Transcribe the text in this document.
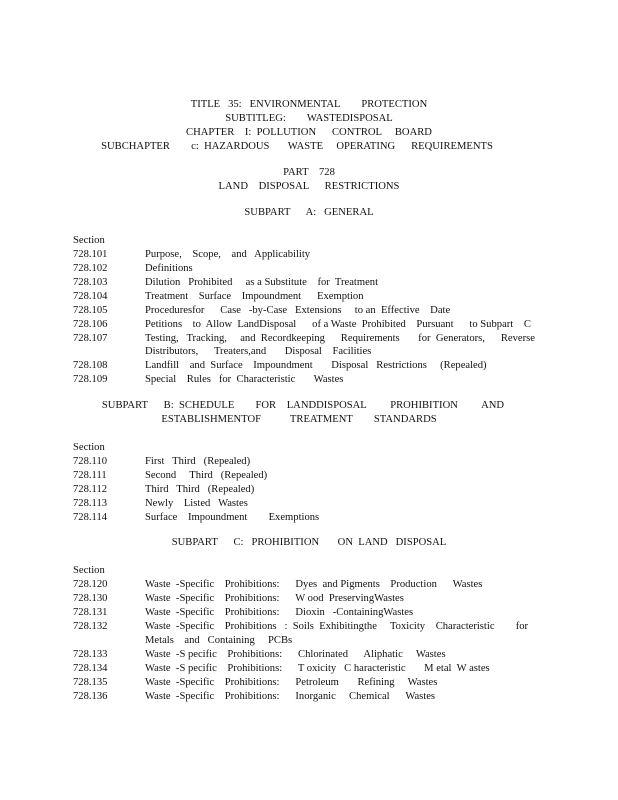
TITLE   35:   ENVIRONMENTAL        PROTECTION
SUBTITLEG:        WASTEDISPOSAL
CHAPTER    I:  POLLUTION      CONTROL     BOARD
SUBCHAPTER        c:  HAZARDOUS       WASTE     OPERATING      REQUIREMENTS
PART    728
LAND    DISPOSAL      RESTRICTIONS
SUBPART      A:   GENERAL
Section
728.101	Purpose,    Scope,    and   Applicability
728.102	Definitions
728.103	Dilution   Prohibited     as a Substitute    for  Treatment
728.104	Treatment    Surface    Impoundment      Exemption
728.105	Proceduresfor      Case   -by-Case   Extensions     to an  Effective    Date
728.106	Petitions    to  Allow  LandDisposal      of a Waste  Prohibited    Pursuant      to Subpart    C
728.107	Testing,   Tracking,     and  Recordkeeping      Requirements       for  Generators,      Reverse
Distributors,      Treaters,and       Disposal    Facilities
728.108	Landfill    and  Surface    Impoundment       Disposal   Restrictions     (Repealed)
728.109	Special    Rules   for  Characteristic       Wastes
SUBPART      B:  SCHEDULE        FOR    LANDDISPOSAL         PROHIBITION         AND
ESTABLISHMENTOF           TREATMENT        STANDARDS
Section
728.110	First   Third   (Repealed)
728.111	Second     Third   (Repealed)
728.112	Third   Third   (Repealed)
728.113	Newly    Listed   Wastes
728.114	Surface    Impoundment        Exemptions
SUBPART      C:   PROHIBITION       ON  LAND   DISPOSAL
Section
728.120	Waste  -Specific    Prohibitions:      Dyes  and Pigments    Production      Wastes
728.130	Waste  -Specific    Prohibitions:      W ood  PreservingWastes
728.131	Waste  -Specific    Prohibitions:      Dioxin   -ContainingWastes
728.132	Waste  -Specific    Prohibitions   :  Soils  Exhibitingthe     Toxicity    Characteristic        for
Metals    and   Containing     PCBs
728.133	Waste  -S pecific    Prohibitions:      Chlorinated      Aliphatic     Wastes
728.134	Waste  -S pecific    Prohibitions:      T oxicity   C haracteristic       M etal  W astes
728.135	Waste  -Specific    Prohibitions:      Petroleum       Refining     Wastes
728.136	Waste  -Specific    Prohibitions:      Inorganic     Chemical      Wastes
